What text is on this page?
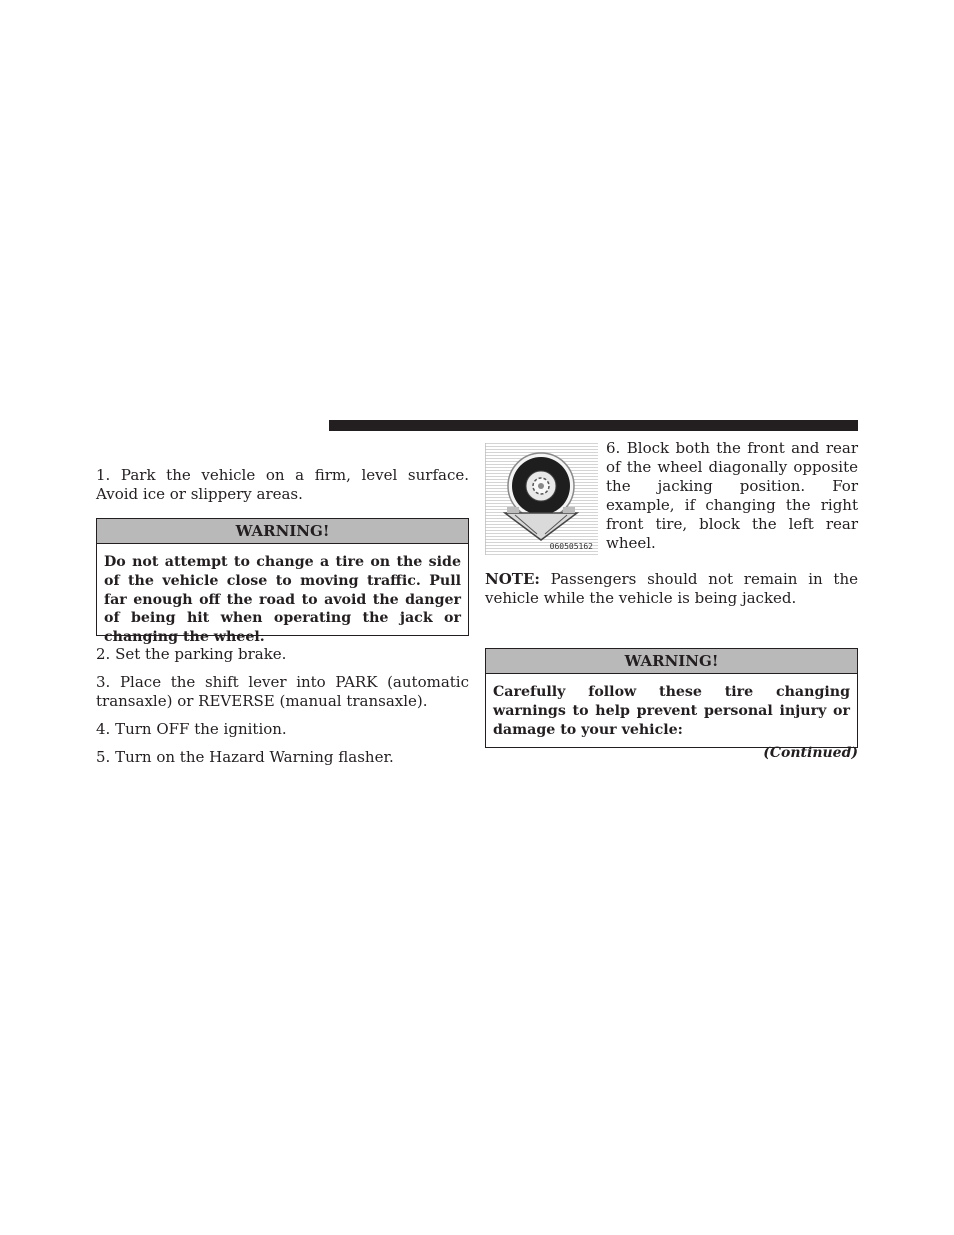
1. Park the vehicle on a firm, level surface. Avoid ice or slippery areas.

WARNING!
Do not attempt to change a tire on the side of the vehicle close to moving traffic. Pull far enough off the road to avoid the danger of being hit when operating the jack or changing the wheel.

2. Set the parking brake.

3. Place the shift lever into PARK (automatic transaxle) or REVERSE (manual transaxle).

4. Turn OFF the ignition.

5. Turn on the Hazard Warning flasher.

060505162

6. Block both the front and rear of the wheel diagonally opposite the jacking position. For example, if changing the right front tire, block the left rear wheel.

NOTE: Passengers should not remain in the vehicle while the vehicle is being jacked.

WARNING!
Carefully follow these tire changing warnings to help prevent personal injury or damage to your vehicle:
(Continued)
